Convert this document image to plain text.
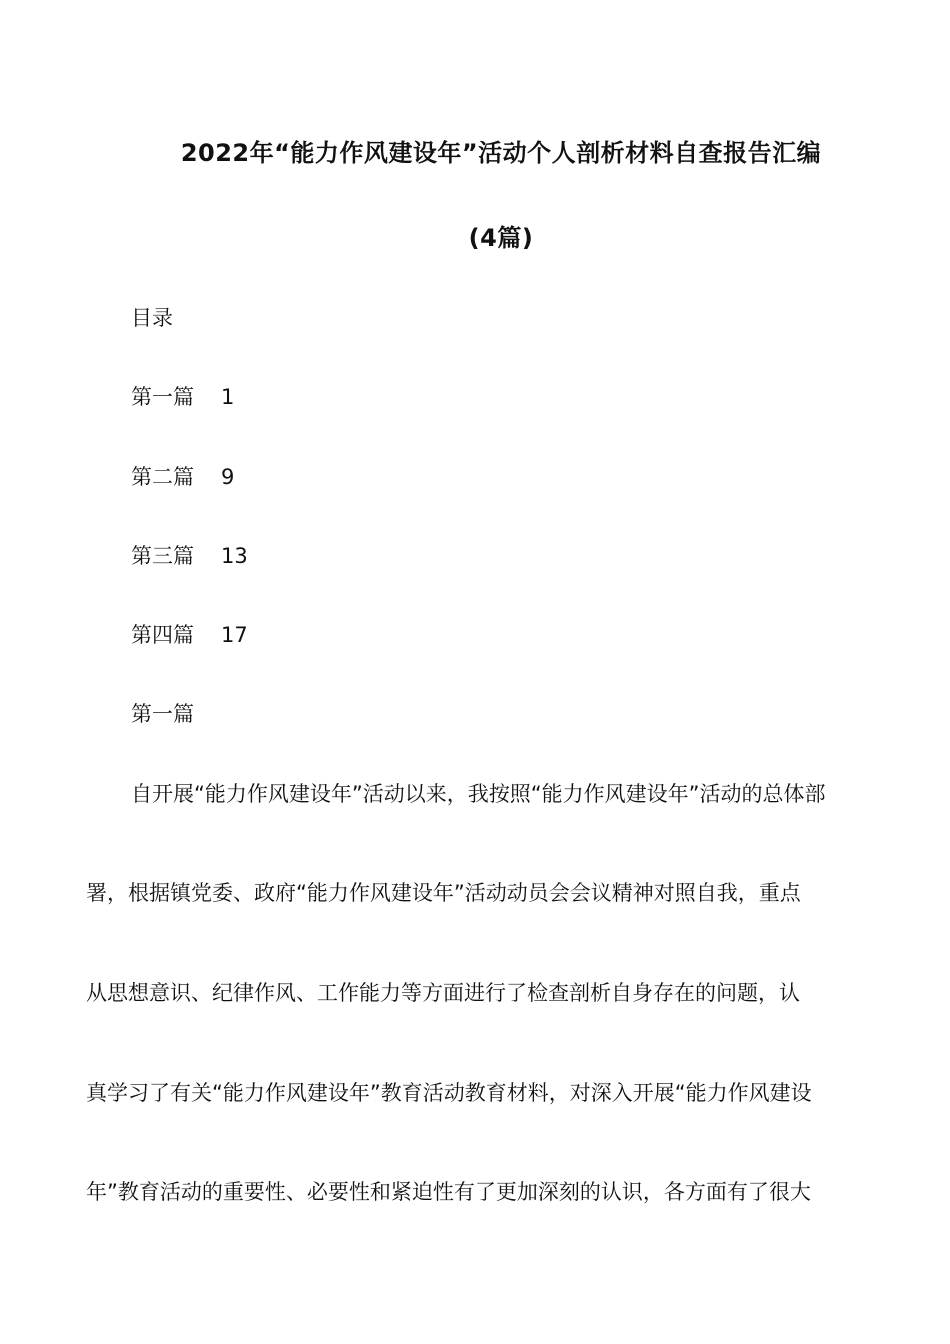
2022年“能力作风建设年”活动个人剖析材料自查报告汇编
(4篇)
目录
第一篇	1
第二篇	9
第三篇	13
第四篇	17
第一篇
自开展“能力作风建设年”活动以来，我按照“能力作风建设年”活动的总体部
署，根据镇党委、政府“能力作风建设年”活动动员会会议精神对照自我，重点
从思想意识、纪律作风、工作能力等方面进行了检查剖析自身存在的问题，认
真学习了有关“能力作风建设年”教育活动教育材料，对深入开展“能力作风建设
年”教育活动的重要性、必要性和紧迫性有了更加深刻的认识，各方面有了很大
